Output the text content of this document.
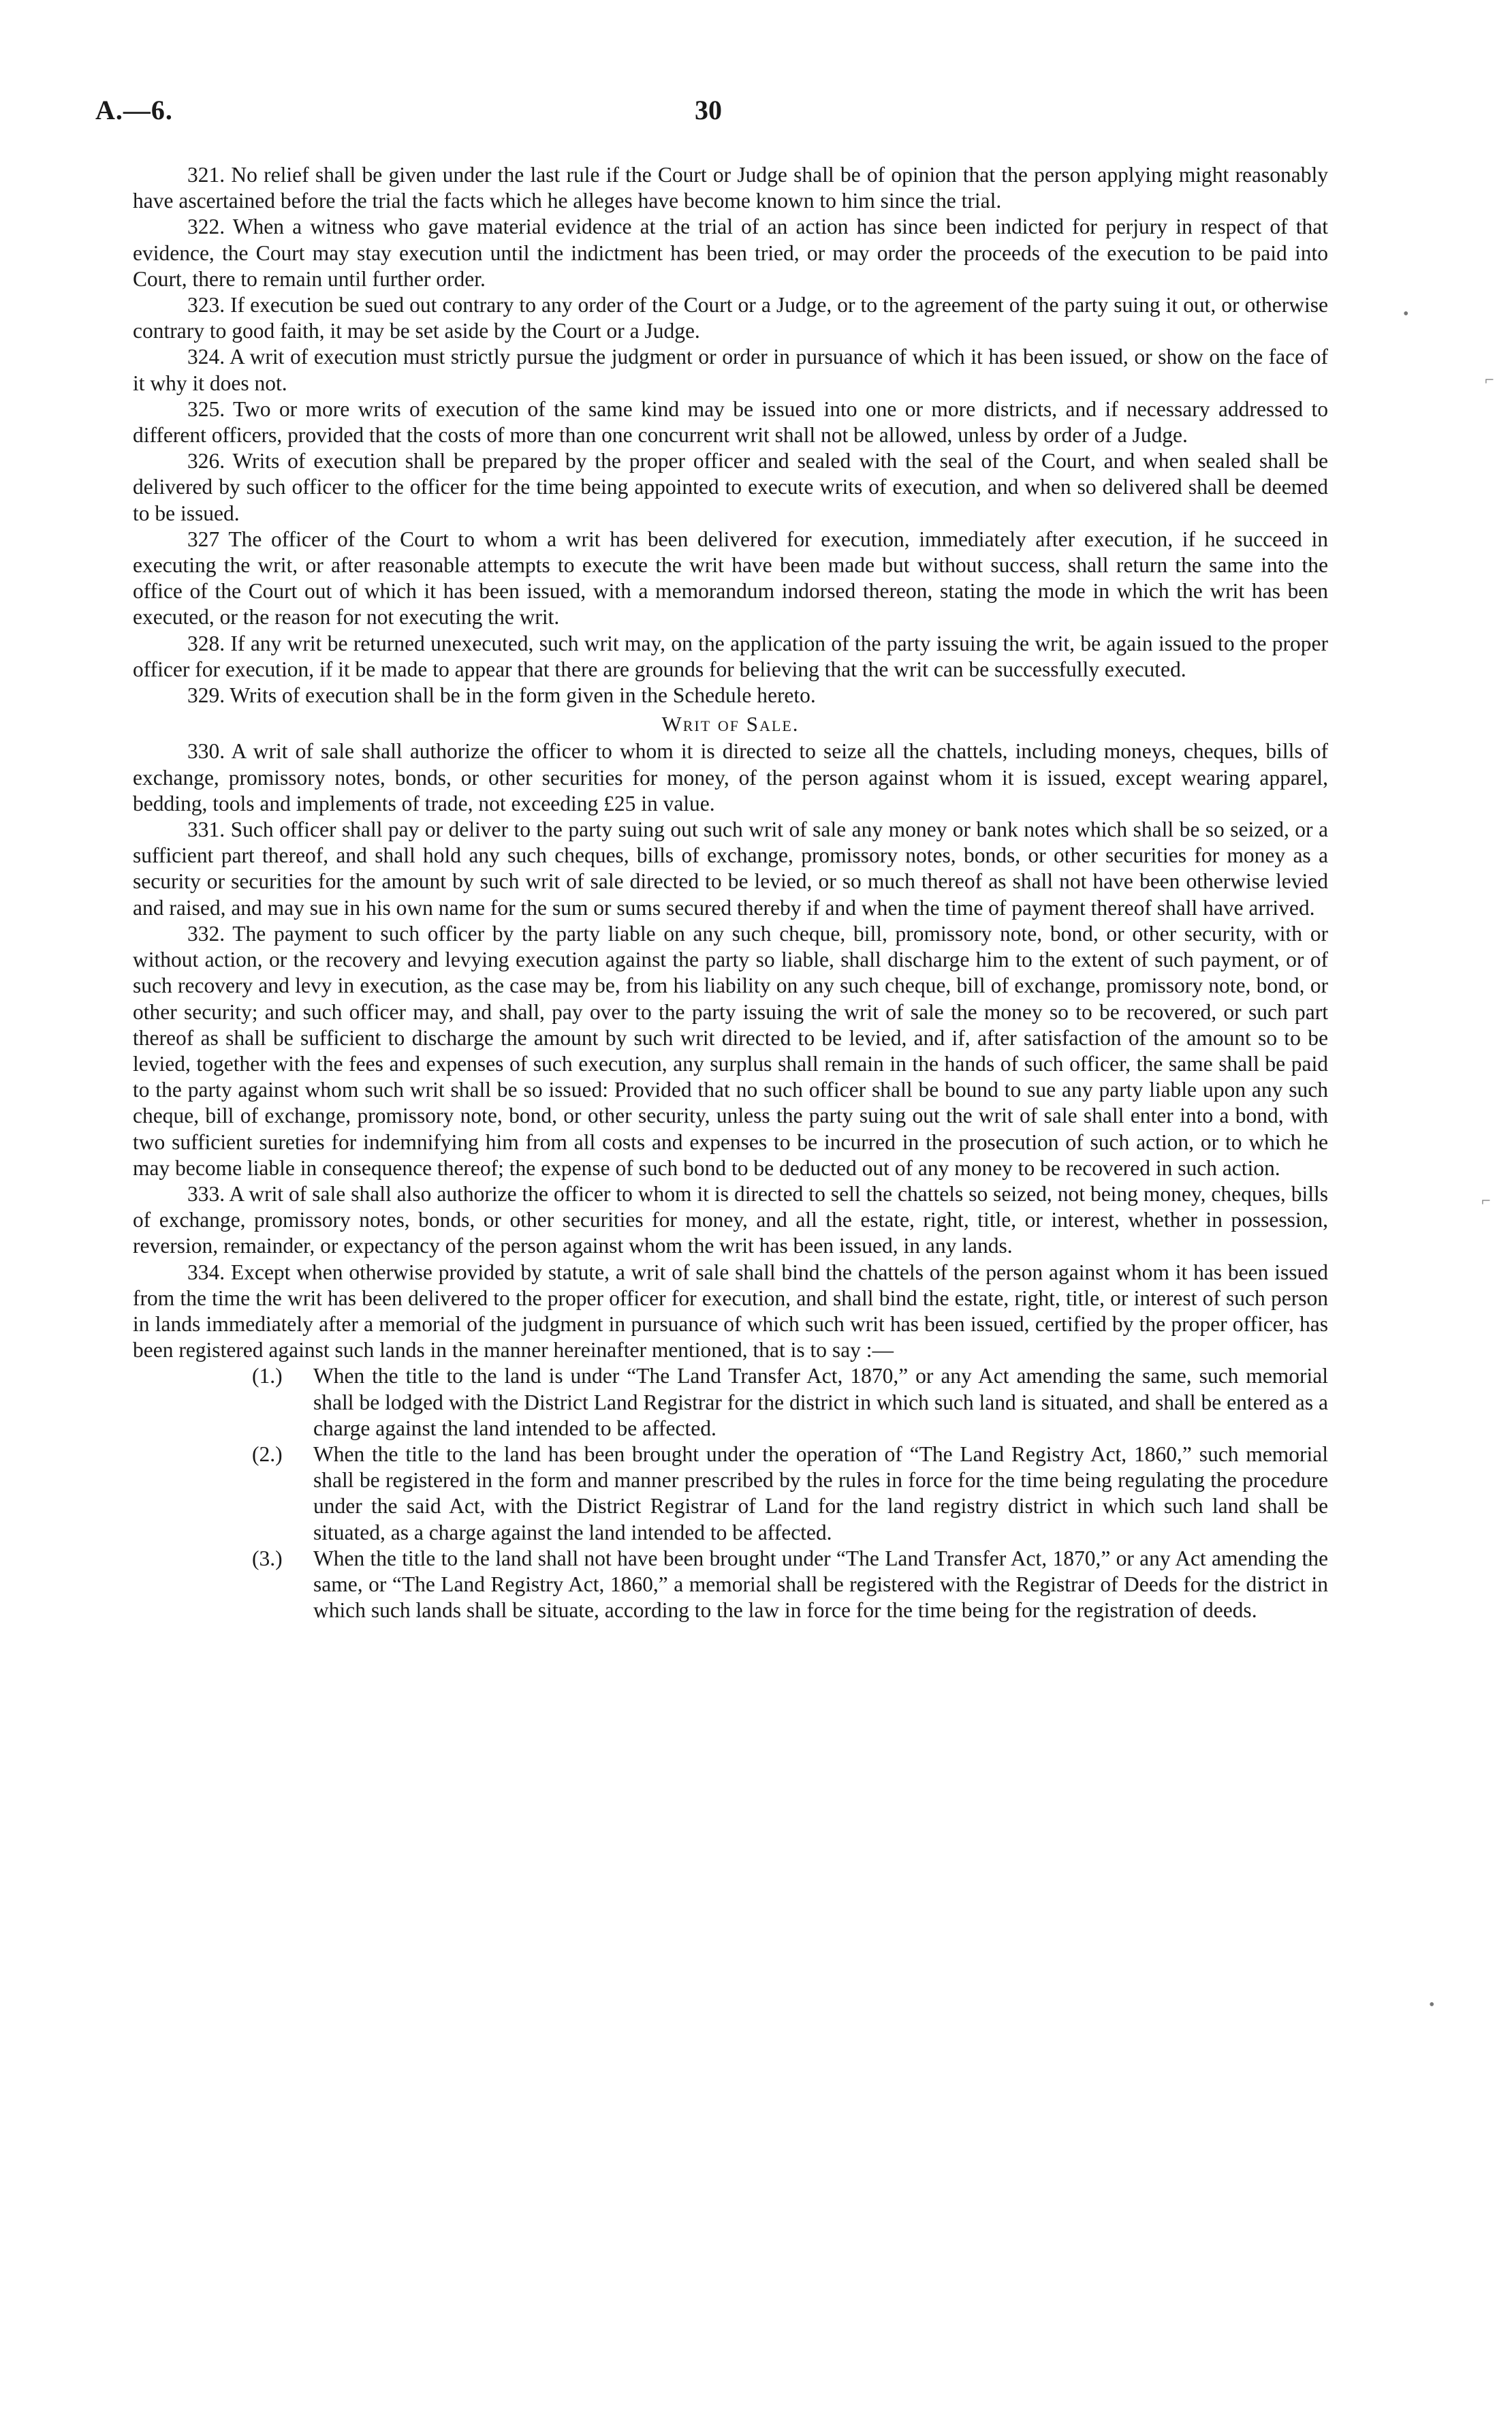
A.—6.	30

321. No relief shall be given under the last rule if the Court or Judge shall be of opinion that the person applying might reasonably have ascertained before the trial the facts which he alleges have become known to him since the trial.

322. When a witness who gave material evidence at the trial of an action has since been indicted for perjury in respect of that evidence, the Court may stay execution until the indictment has been tried, or may order the proceeds of the execution to be paid into Court, there to remain until further order.

323. If execution be sued out contrary to any order of the Court or a Judge, or to the agreement of the party suing it out, or otherwise contrary to good faith, it may be set aside by the Court or a Judge.

324. A writ of execution must strictly pursue the judgment or order in pursuance of which it has been issued, or show on the face of it why it does not.

325. Two or more writs of execution of the same kind may be issued into one or more districts, and if necessary addressed to different officers, provided that the costs of more than one concurrent writ shall not be allowed, unless by order of a Judge.

326. Writs of execution shall be prepared by the proper officer and sealed with the seal of the Court, and when sealed shall be delivered by such officer to the officer for the time being appointed to execute writs of execution, and when so delivered shall be deemed to be issued.

327 The officer of the Court to whom a writ has been delivered for execution, immediately after execution, if he succeed in executing the writ, or after reasonable attempts to execute the writ have been made but without success, shall return the same into the office of the Court out of which it has been issued, with a memorandum indorsed thereon, stating the mode in which the writ has been executed, or the reason for not executing the writ.

328. If any writ be returned unexecuted, such writ may, on the application of the party issuing the writ, be again issued to the proper officer for execution, if it be made to appear that there are grounds for believing that the writ can be successfully executed.

329. Writs of execution shall be in the form given in the Schedule hereto.

Writ of Sale.

330. A writ of sale shall authorize the officer to whom it is directed to seize all the chattels, including moneys, cheques, bills of exchange, promissory notes, bonds, or other securities for money, of the person against whom it is issued, except wearing apparel, bedding, tools and implements of trade, not exceeding £25 in value.

331. Such officer shall pay or deliver to the party suing out such writ of sale any money or bank notes which shall be so seized, or a sufficient part thereof, and shall hold any such cheques, bills of exchange, promissory notes, bonds, or other securities for money as a security or securities for the amount by such writ of sale directed to be levied, or so much thereof as shall not have been otherwise levied and raised, and may sue in his own name for the sum or sums secured thereby if and when the time of payment thereof shall have arrived.

332. The payment to such officer by the party liable on any such cheque, bill, promissory note, bond, or other security, with or without action, or the recovery and levying execution against the party so liable, shall discharge him to the extent of such payment, or of such recovery and levy in execution, as the case may be, from his liability on any such cheque, bill of exchange, promissory note, bond, or other security; and such officer may, and shall, pay over to the party issuing the writ of sale the money so to be recovered, or such part thereof as shall be sufficient to discharge the amount by such writ directed to be levied, and if, after satisfaction of the amount so to be levied, together with the fees and expenses of such execution, any surplus shall remain in the hands of such officer, the same shall be paid to the party against whom such writ shall be so issued: Provided that no such officer shall be bound to sue any party liable upon any such cheque, bill of exchange, promissory note, bond, or other security, unless the party suing out the writ of sale shall enter into a bond, with two sufficient sureties for indemnifying him from all costs and expenses to be incurred in the prosecution of such action, or to which he may become liable in consequence thereof; the expense of such bond to be deducted out of any money to be recovered in such action.

333. A writ of sale shall also authorize the officer to whom it is directed to sell the chattels so seized, not being money, cheques, bills of exchange, promissory notes, bonds, or other securities for money, and all the estate, right, title, or interest, whether in possession, reversion, remainder, or expectancy of the person against whom the writ has been issued, in any lands.

334. Except when otherwise provided by statute, a writ of sale shall bind the chattels of the person against whom it has been issued from the time the writ has been delivered to the proper officer for execution, and shall bind the estate, right, title, or interest of such person in lands immediately after a memorial of the judgment in pursuance of which such writ has been issued, certified by the proper officer, has been registered against such lands in the manner hereinafter mentioned, that is to say :—

(1.)	When the title to the land is under “The Land Transfer Act, 1870,” or any Act amending the same, such memorial shall be lodged with the District Land Registrar for the district in which such land is situated, and shall be entered as a charge against the land intended to be affected.
(2.)	When the title to the land has been brought under the operation of “The Land Registry Act, 1860,” such memorial shall be registered in the form and manner prescribed by the rules in force for the time being regulating the procedure under the said Act, with the District Registrar of Land for the land registry district in which such land shall be situated, as a charge against the land intended to be affected.
(3.)	When the title to the land shall not have been brought under “The Land Transfer Act, 1870,” or any Act amending the same, or “The Land Registry Act, 1860,” a memorial shall be registered with the Registrar of Deeds for the district in which such lands shall be situate, according to the law in force for the time being for the registration of deeds.
•
⌐
⌐
•
